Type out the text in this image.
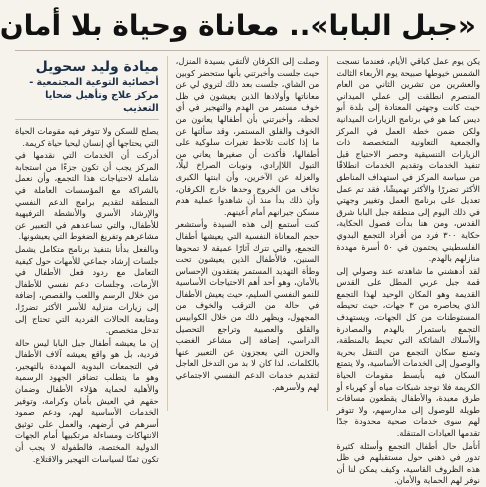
«جبل البابا».. معاناة وحياة بلا أمان

يكن يوم عمل كباقي الأيام، فعندما نسجت الشمس خيوطها صبيحة يوم الأربعاء الثالث والعشرين من تشرين الثاني من العام المنصرم انطلقت إلى عملي الميداني حيث كانت وجهتي المعتادة إلى بلدة أبو ديس كما هو في برنامج الزيارات الميدانية ولكن ضمن خطة العمل في المركز والجمعية التعاونية المتخصصة ذات الزيارات التنسيقية وحصر الاحتياج قبل تنفيذ الخدمات وتقديم الخدمات انطلاقًا من سياسة المركز في استهداف المناطق الأكثر تضررًا والأكثر تهميشًا، فقد تم عمل تعديل على برنامج العمل وتغيير وجهتي في ذلك اليوم إلى منطقة جبل البابا شرق القدس، ومن هنا بدأت فصول الحكاية، حكاية ٣٠٠ فرد من أفراد التجمع البدوي الفلسطيني يحتمون في ٥٠ أسرة مهددة منازلهم بالهدم.

لقد أدهشني ما شاهدته عند وصولي إلى قمة جبل عربي المطل على القدس القديمة وهو المكان الوحيد لهذا التجمع الذي يحاصره من ٣ جهات، حيث تحيطه المستوطنات من كل الجهات، ويستهدف التجمع باستمرار بالهدم والمصادرة والأسلاك الشائكة التي تحيط بالمنطقة، وتمنع سكان التجمع من التنقل بحرية والوصول إلى الخدمات الأساسية، ولا يتمتع السكان فيه بأبسط مقومات الحياة الكريمة فلا توجد شبكات مياه أو كهرباء أو طرق معبدة، والأطفال يقطعون مسافات طويلة للوصول إلى مدارسهم، ولا تتوفر لهم سوى خدمات صحية محدودة جدًا تقدمها العيادات المتنقلة.

أتأمل حال أطفال التجمع وأسئلة كثيرة تدور في ذهني حول مستقبلهم في ظل هذه الظروف القاسية، وكيف يمكن لنا أن نوفر لهم الحماية والأمان.

وصلت إلى الكرفان لألتقي بسيدة المنزل، حيث جلست وأخبرتني بأنها ستحضر كوبين من الشاي، جلست بعد ذلك لتروي لي عن معاناتها وأولادها الذين يعيشون في ظل خوف مستمر من الهدم والتهجير في أي لحظة، وأخبرتني بأن أطفالها يعانون من الخوف والقلق المستمر، وقد سألتها عن ما إذا كانت تلاحظ تغيرات سلوكية على أطفالها، فأكدت أن صغيرها يعاني من التبول اللاإرادي، ونوبات الصراخ ليلًا، والعزلة عن الآخرين، وأن ابنتها الكبرى تخاف من الخروج وحدها خارج الكرفان، وأن ذلك بدأ منذ أن شاهدوا عملية هدم مسكن جيرانهم أمام أعينهم.

كنت أستمع إلى هذه السيدة وأستشعر حجم المعاناة النفسية التي يعيشها أطفال التجمع، والتي تترك آثارًا عميقة لا تمحوها السنين، فالأطفال الذين يعيشون تحت وطأة التهديد المستمر يفتقدون الإحساس بالأمان، وهو أحد أهم الاحتياجات الأساسية للنمو النفسي السليم، حيث يعيش الأطفال في حالة من الترقب والخوف من المجهول، ويظهر ذلك من خلال الكوابيس والقلق والعصبية وتراجع التحصيل الدراسي، إضافة إلى مشاعر الغضب والحزن التي يعجزون عن التعبير عنها بالكلمات، لذا كان لا بد من التدخل العاجل لتقديم خدمات الدعم النفسي الاجتماعي لهم ولأسرهم.

ميادة وليد سحويل
أخصائية التوعية المجتمعية - مركز علاج وتأهيل ضحايا التعذيب

يصلح للسكن ولا تتوفر فيه مقومات الحياة التي يحتاجها أي إنسان ليحيا حياة كريمة.

أدركت أن الخدمات التي نقدمها في المركز يجب أن تكون جزءًا من استجابة شاملة لاحتياجات هذا التجمع، وأن نعمل بالشراكة مع المؤسسات العاملة في المنطقة لتقديم برامج الدعم النفسي والإرشاد الأسري والأنشطة الترفيهية للأطفال، والتي تساعدهم في التعبير عن مشاعرهم وتفريغ الضغوط التي يعيشونها.

وبالفعل بدأنا بتنفيذ برنامج متكامل يشمل جلسات إرشاد جماعي للأمهات حول كيفية التعامل مع ردود فعل الأطفال في الأزمات، وجلسات دعم نفسي للأطفال من خلال الرسم واللعب والقصص، إضافة إلى زيارات منزلية للأسر الأكثر تضررًا، ومتابعة الحالات الفردية التي تحتاج إلى تدخل متخصص.

إن ما يعيشه أطفال جبل البابا ليس حالة فردية، بل هو واقع يعيشه آلاف الأطفال في التجمعات البدوية المهددة بالتهجير، وهو ما يتطلب تضافر الجهود الرسمية والأهلية لحماية هؤلاء الأطفال وضمان حقهم في العيش بأمان وكرامة، وتوفير الخدمات الأساسية لهم، ودعم صمود أسرهم في أرضهم، والعمل على توثيق الانتهاكات ومساءلة مرتكبيها أمام الجهات الدولية المختصة، فالطفولة لا يجب أن تكون ثمنًا لسياسات التهجير والاقتلاع.
